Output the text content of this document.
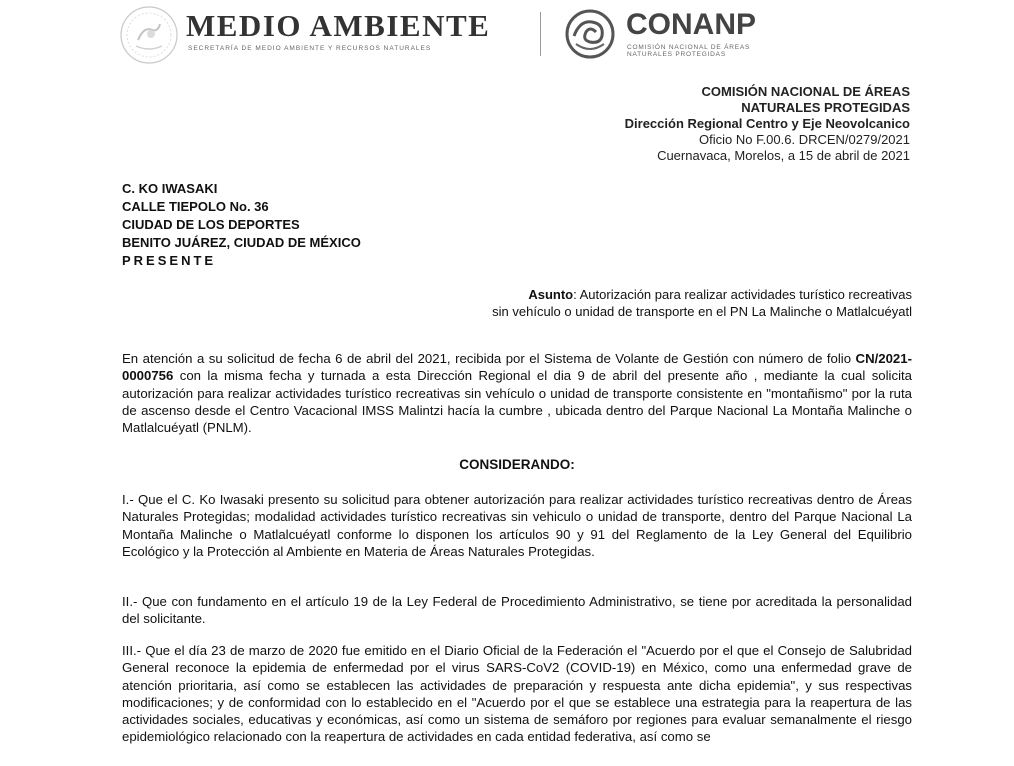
MEDIO AMBIENTE
SECRETARÍA DE MEDIO AMBIENTE Y RECURSOS NATURALES
CONANP
COMISIÓN NACIONAL DE ÁREAS
NATURALES PROTEGIDAS
COMISIÓN NACIONAL DE ÁREAS
NATURALES PROTEGIDAS
Dirección Regional Centro y Eje Neovolcanico
Oficio No F.00.6. DRCEN/0279/2021
Cuernavaca, Morelos, a 15 de abril de 2021
C. KO IWASAKI
CALLE TIEPOLO No. 36
CIUDAD DE LOS DEPORTES
BENITO JUÁREZ, CIUDAD DE MÉXICO
PRESENTE
Asunto: Autorización para realizar actividades turístico recreativas
sin vehículo o unidad de transporte en el PN La Malinche o Matlalcuéyatl
En atención a su solicitud de fecha 6 de abril del 2021, recibida por el Sistema de Volante de Gestión con número de folio CN/2021-0000756 con la misma fecha y turnada a esta Dirección Regional el dia 9 de abril del presente año , mediante la cual solicita autorización para realizar actividades turístico recreativas sin vehículo o unidad de transporte consistente en "montañismo" por la ruta de ascenso desde el Centro Vacacional IMSS Malintzi hacía la cumbre , ubicada dentro del Parque Nacional La Montaña Malinche o Matlalcuéyatl (PNLM).
CONSIDERANDO:
I.- Que el C. Ko Iwasaki presento su solicitud para obtener autorización para realizar actividades turístico recreativas dentro de Áreas Naturales Protegidas; modalidad actividades turístico recreativas sin vehiculo o unidad de transporte, dentro del Parque Nacional La Montaña Malinche o Matlalcuéyatl conforme lo disponen los artículos 90 y 91 del Reglamento de la Ley General del Equilibrio Ecológico y la Protección al Ambiente en Materia de Áreas Naturales Protegidas.
II.- Que con fundamento en el artículo 19 de la Ley Federal de Procedimiento Administrativo, se tiene por acreditada la personalidad del solicitante.
III.- Que el día 23 de marzo de 2020 fue emitido en el Diario Oficial de la Federación el "Acuerdo por el que el Consejo de Salubridad General reconoce la epidemia de enfermedad por el virus SARS-CoV2 (COVID-19) en México, como una enfermedad grave de atención prioritaria, así como se establecen las actividades de preparación y respuesta ante dicha epidemia", y sus respectivas modificaciones; y de conformidad con lo establecido en el "Acuerdo por el que se establece una estrategia para la reapertura de las actividades sociales, educativas y económicas, así como un sistema de semáforo por regiones para evaluar semanalmente el riesgo epidemiológico relacionado con la reapertura de actividades en cada entidad federativa, así como se
